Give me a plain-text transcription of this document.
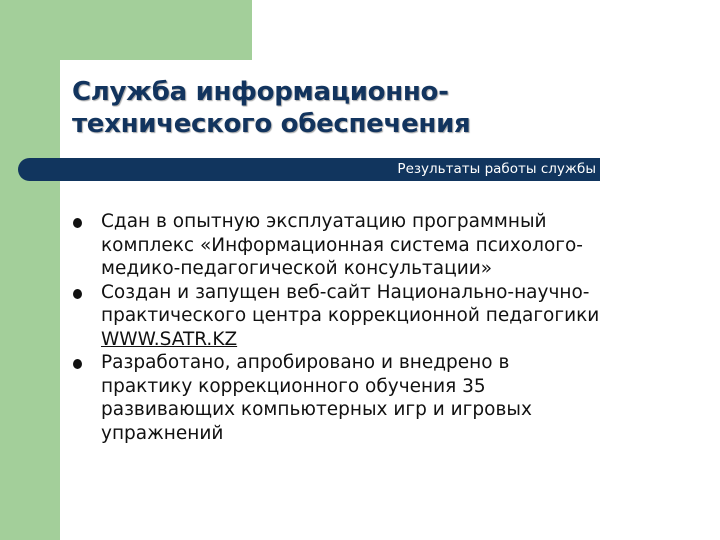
Служба информационно-
технического обеспечения
Результаты работы службы
Сдан в опытную эксплуатацию программный
комплекс «Информационная система психолого-
медико-педагогической консультации»
Создан и запущен веб-сайт Национально-научно-
практического центра коррекционной педагогики
WWW.SATR.KZ
Разработано, апробировано и внедрено в
практику коррекционного обучения 35
развивающих компьютерных игр и игровых
упражнений
